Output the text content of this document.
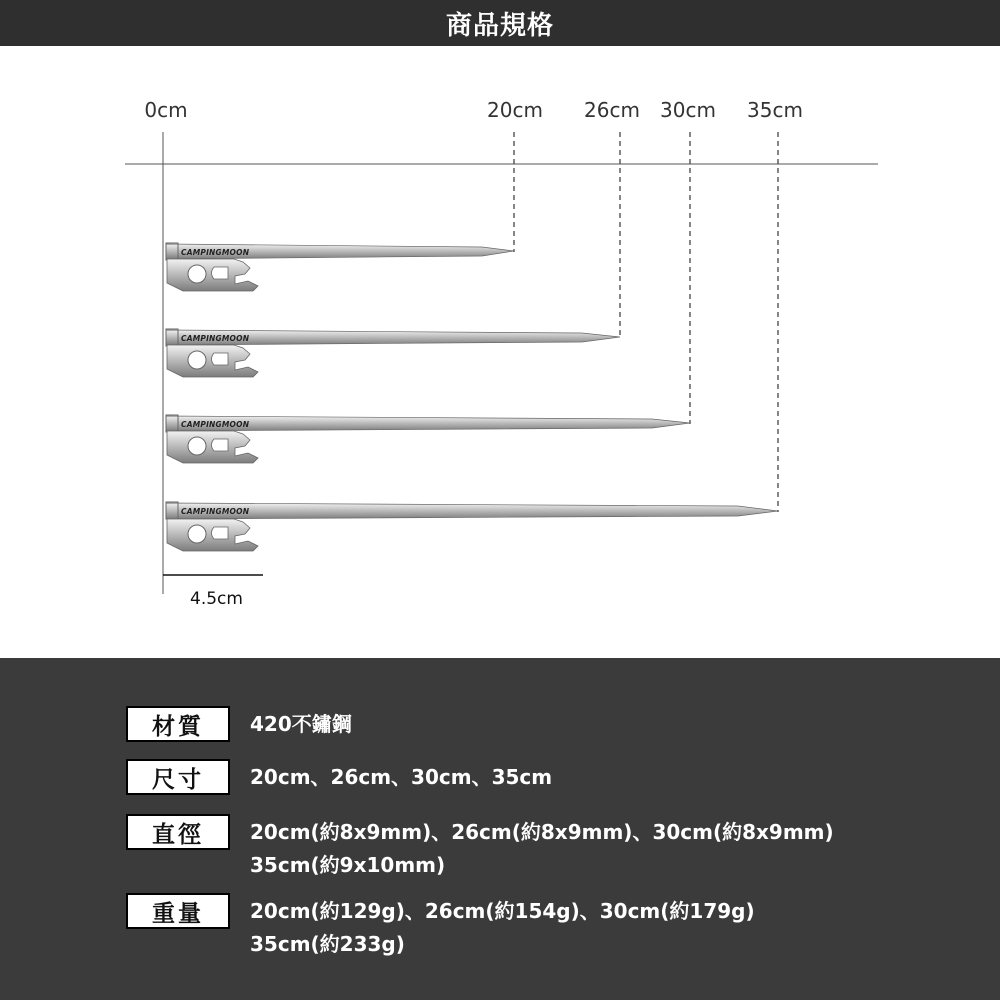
商品規格
0cm	20cm 26cm 30cm 35cm
CAMPINGMOON
CAMPINGMOON
CAMPINGMOON
CAMPINGMOON
4.5cm
材質	420不鏽鋼
尺寸	20cm、26cm、30cm、35cm
直徑	20cm(約8x9mm)、26cm(約8x9mm)、30cm(約8x9mm)
35cm(約9x10mm)
重量	20cm(約129g)、26cm(約154g)、30cm(約179g)
35cm(約233g)
